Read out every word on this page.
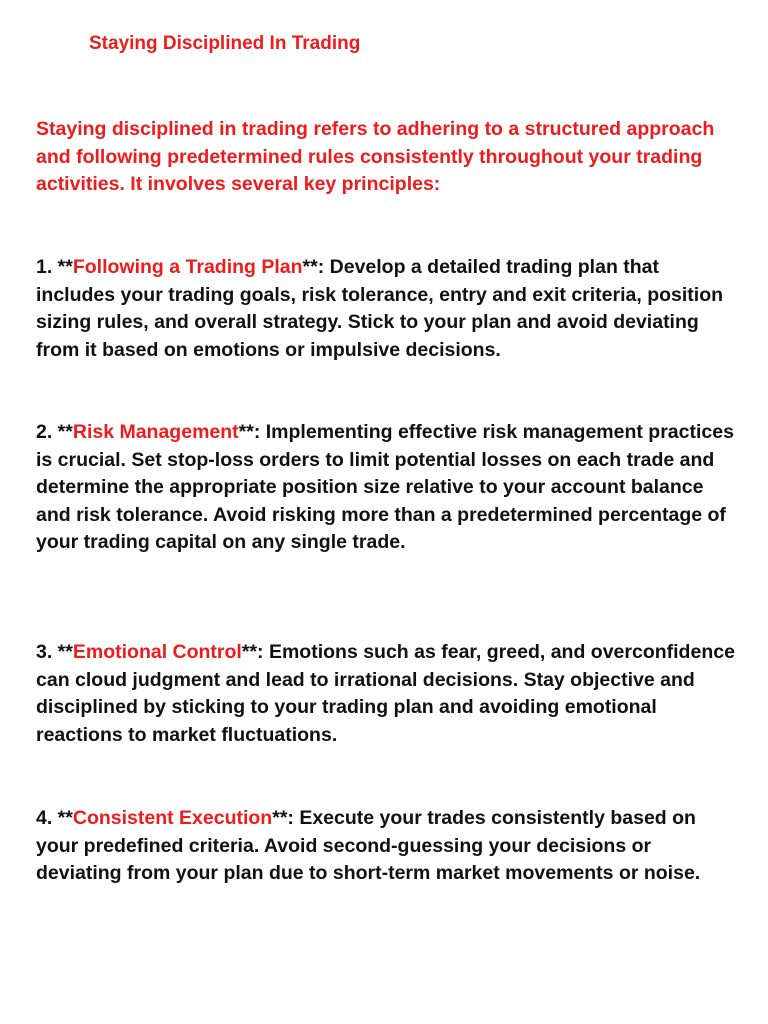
Staying Disciplined In Trading

Staying disciplined in trading refers to adhering to a structured approach and following predetermined rules consistently throughout your trading activities. It involves several key principles:

1. **Following a Trading Plan**: Develop a detailed trading plan that includes your trading goals, risk tolerance, entry and exit criteria, position sizing rules, and overall strategy. Stick to your plan and avoid deviating from it based on emotions or impulsive decisions.

2. **Risk Management**: Implementing effective risk management practices is crucial. Set stop-loss orders to limit potential losses on each trade and determine the appropriate position size relative to your account balance and risk tolerance. Avoid risking more than a predetermined percentage of your trading capital on any single trade.

3. **Emotional Control**: Emotions such as fear, greed, and overconfidence can cloud judgment and lead to irrational decisions. Stay objective and disciplined by sticking to your trading plan and avoiding emotional reactions to market fluctuations.

4. **Consistent Execution**: Execute your trades consistently based on your predefined criteria. Avoid second-guessing your decisions or deviating from your plan due to short-term market movements or noise.
